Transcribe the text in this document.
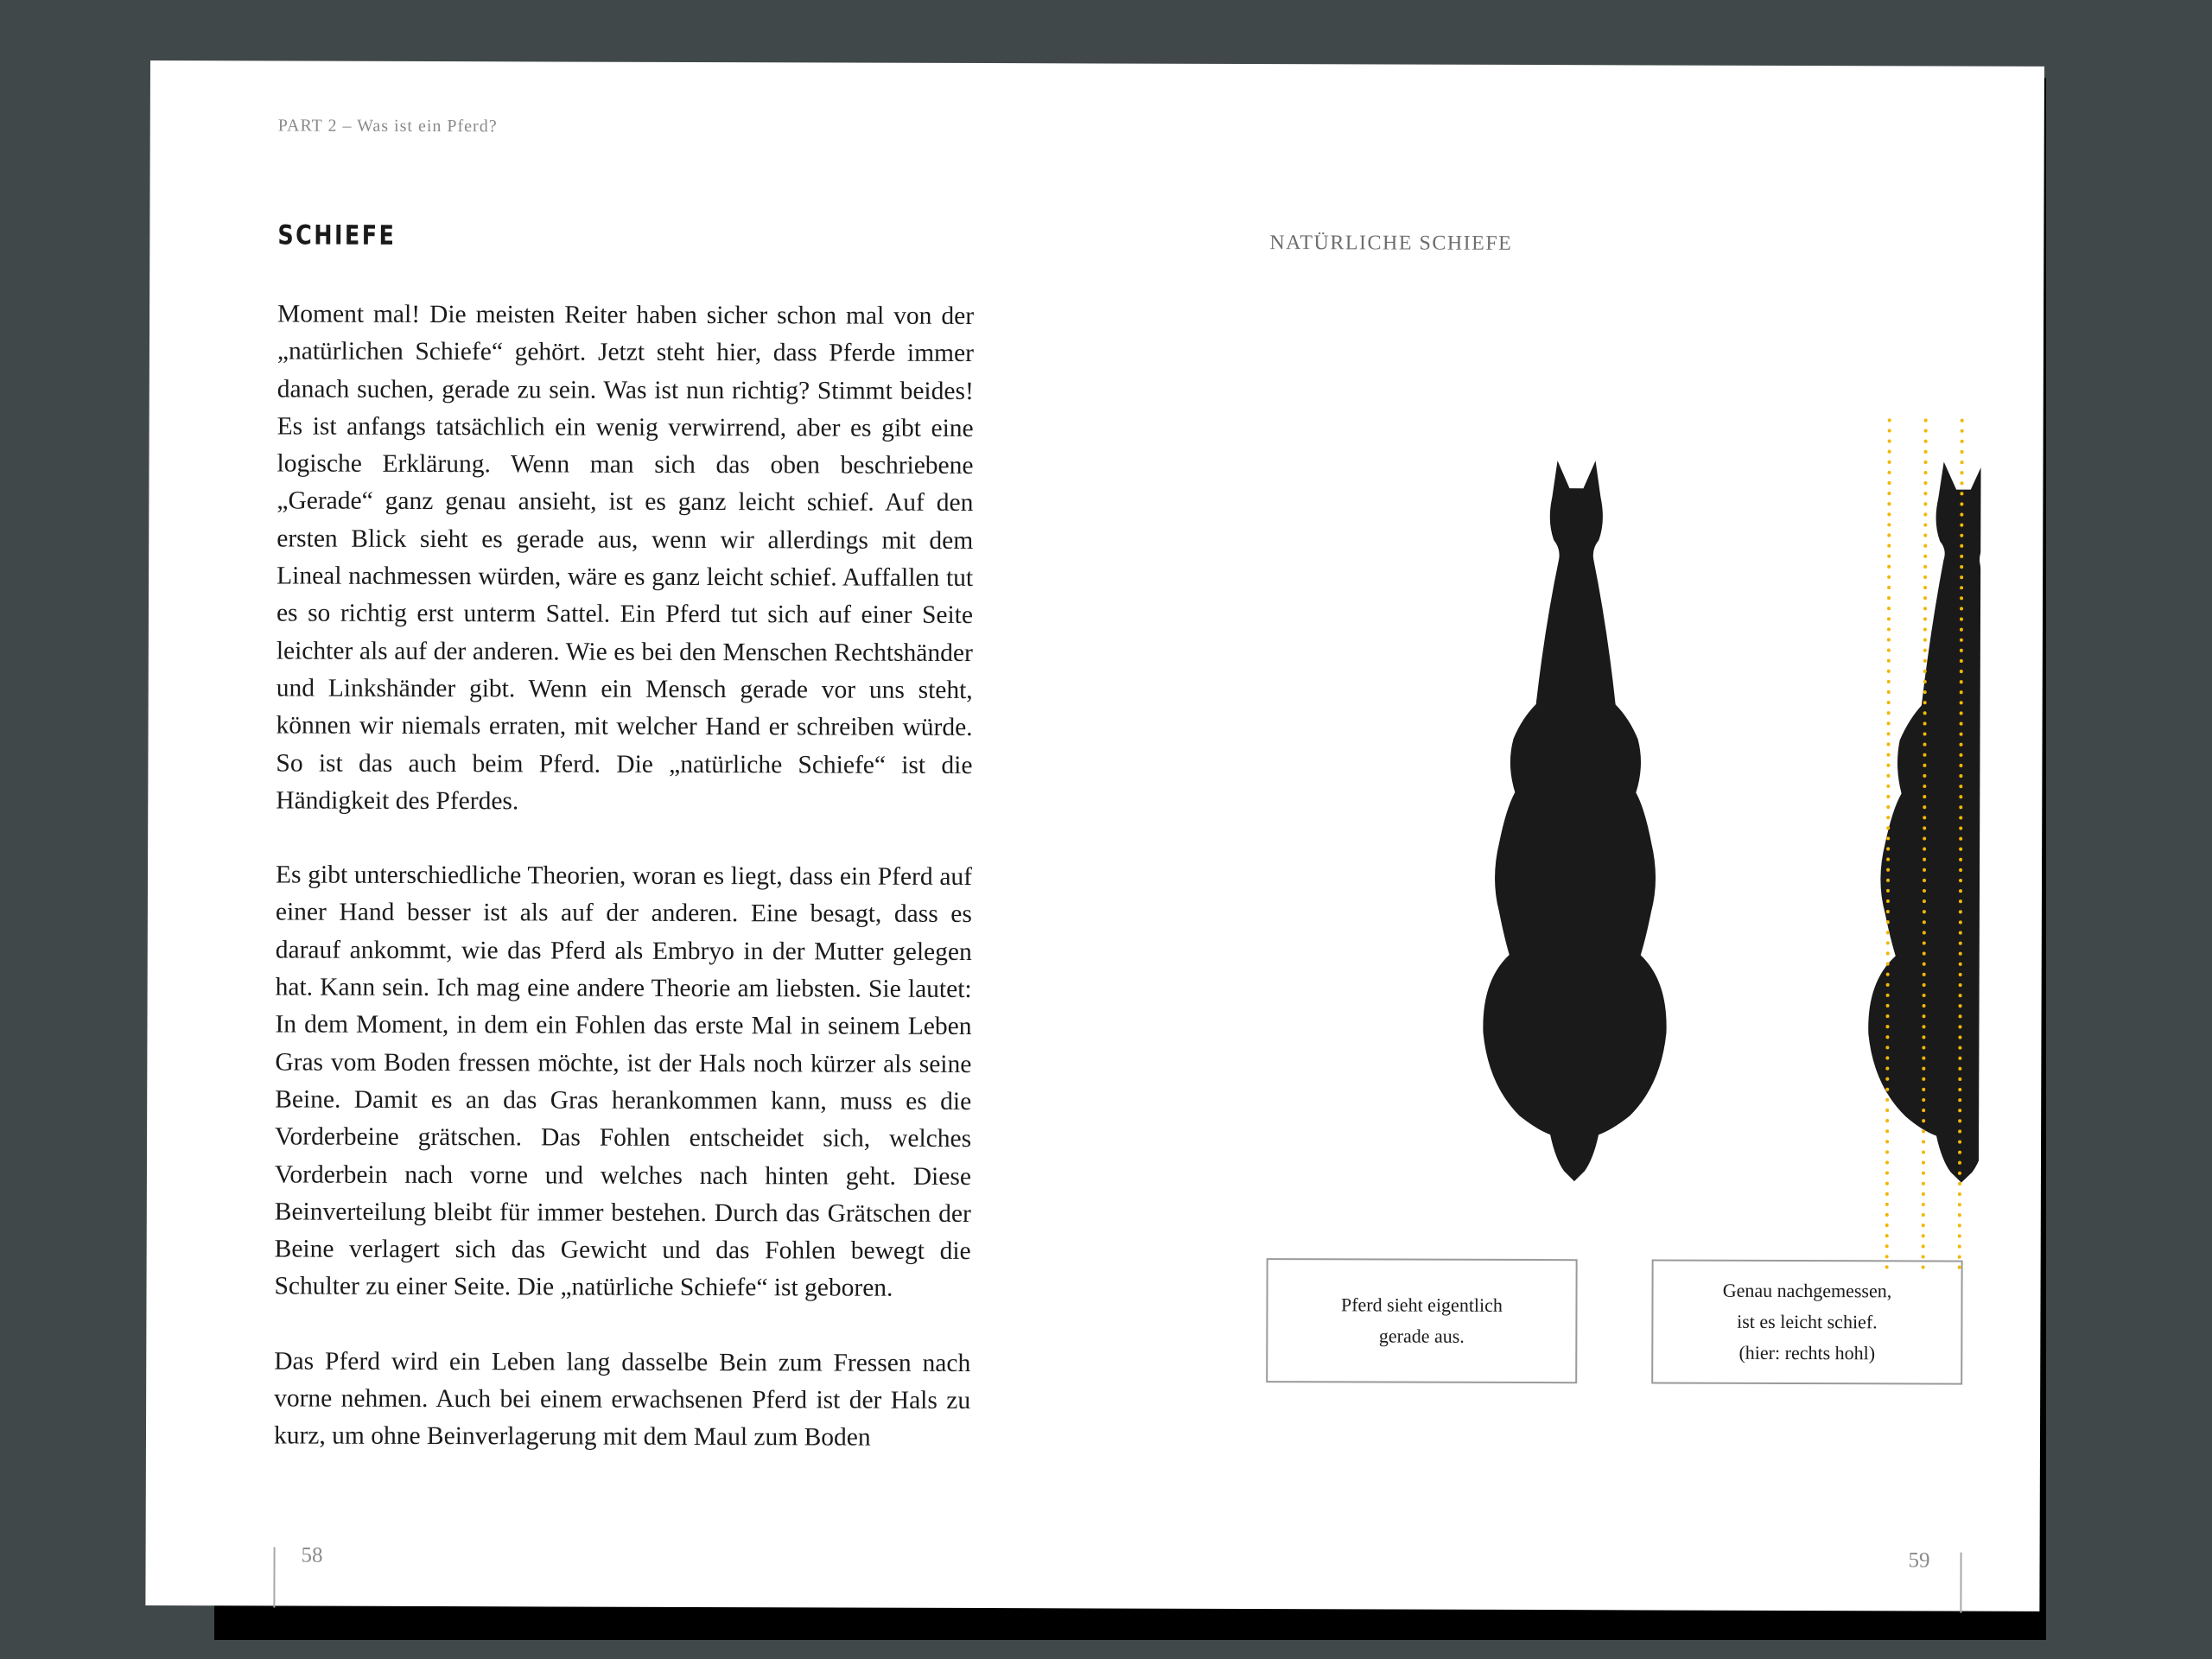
PART 2 – Was ist ein Pferd?
SCHIEFE

Moment mal! Die meisten Reiter haben sicher schon mal von der „natürlichen Schiefe“ gehört. Jetzt steht hier, dass Pferde immer danach suchen, gerade zu sein. Was ist nun richtig? Stimmt beides! Es ist anfangs tatsächlich ein wenig verwirrend, aber es gibt eine logische Erklärung. Wenn man sich das oben beschriebene „Gerade“ ganz genau ansieht, ist es ganz leicht schief. Auf den ersten Blick sieht es gerade aus, wenn wir allerdings mit dem Lineal nachmessen würden, wäre es ganz leicht schief. Auffallen tut es so richtig erst unterm Sattel. Ein Pferd tut sich auf einer Seite leichter als auf der anderen. Wie es bei den Menschen Rechtshänder und Linkshänder gibt. Wenn ein Mensch gerade vor uns steht, können wir niemals erraten, mit welcher Hand er schreiben würde. So ist das auch beim Pferd. Die „natürliche Schiefe“ ist die Händigkeit des Pferdes.

Es gibt unterschiedliche Theorien, woran es liegt, dass ein Pferd auf einer Hand besser ist als auf der anderen. Eine besagt, dass es darauf ankommt, wie das Pferd als Embryo in der Mutter gelegen hat. Kann sein. Ich mag eine andere Theorie am liebsten. Sie lautet: In dem Moment, in dem ein Fohlen das erste Mal in seinem Leben Gras vom Boden fressen möchte, ist der Hals noch kürzer als seine Beine. Damit es an das Gras herankommen kann, muss es die Vorderbeine grätschen. Das Fohlen entscheidet sich, welches Vorderbein nach vorne und welches nach hinten geht. Diese Beinverteilung bleibt für immer bestehen. Durch das Grätschen der Beine verlagert sich das Gewicht und das Fohlen bewegt die Schulter zu einer Seite. Die „natürliche Schiefe“ ist geboren.

Das Pferd wird ein Leben lang dasselbe Bein zum Fressen nach vorne nehmen. Auch bei einem erwachsenen Pferd ist der Hals zu kurz, um ohne Beinverlagerung mit dem Maul zum Boden

NATÜRLICHE SCHIEFE
Pferd sieht eigentlich
gerade aus.
Genau nachgemessen,
ist es leicht schief.
(hier: rechts hohl)
58	59
